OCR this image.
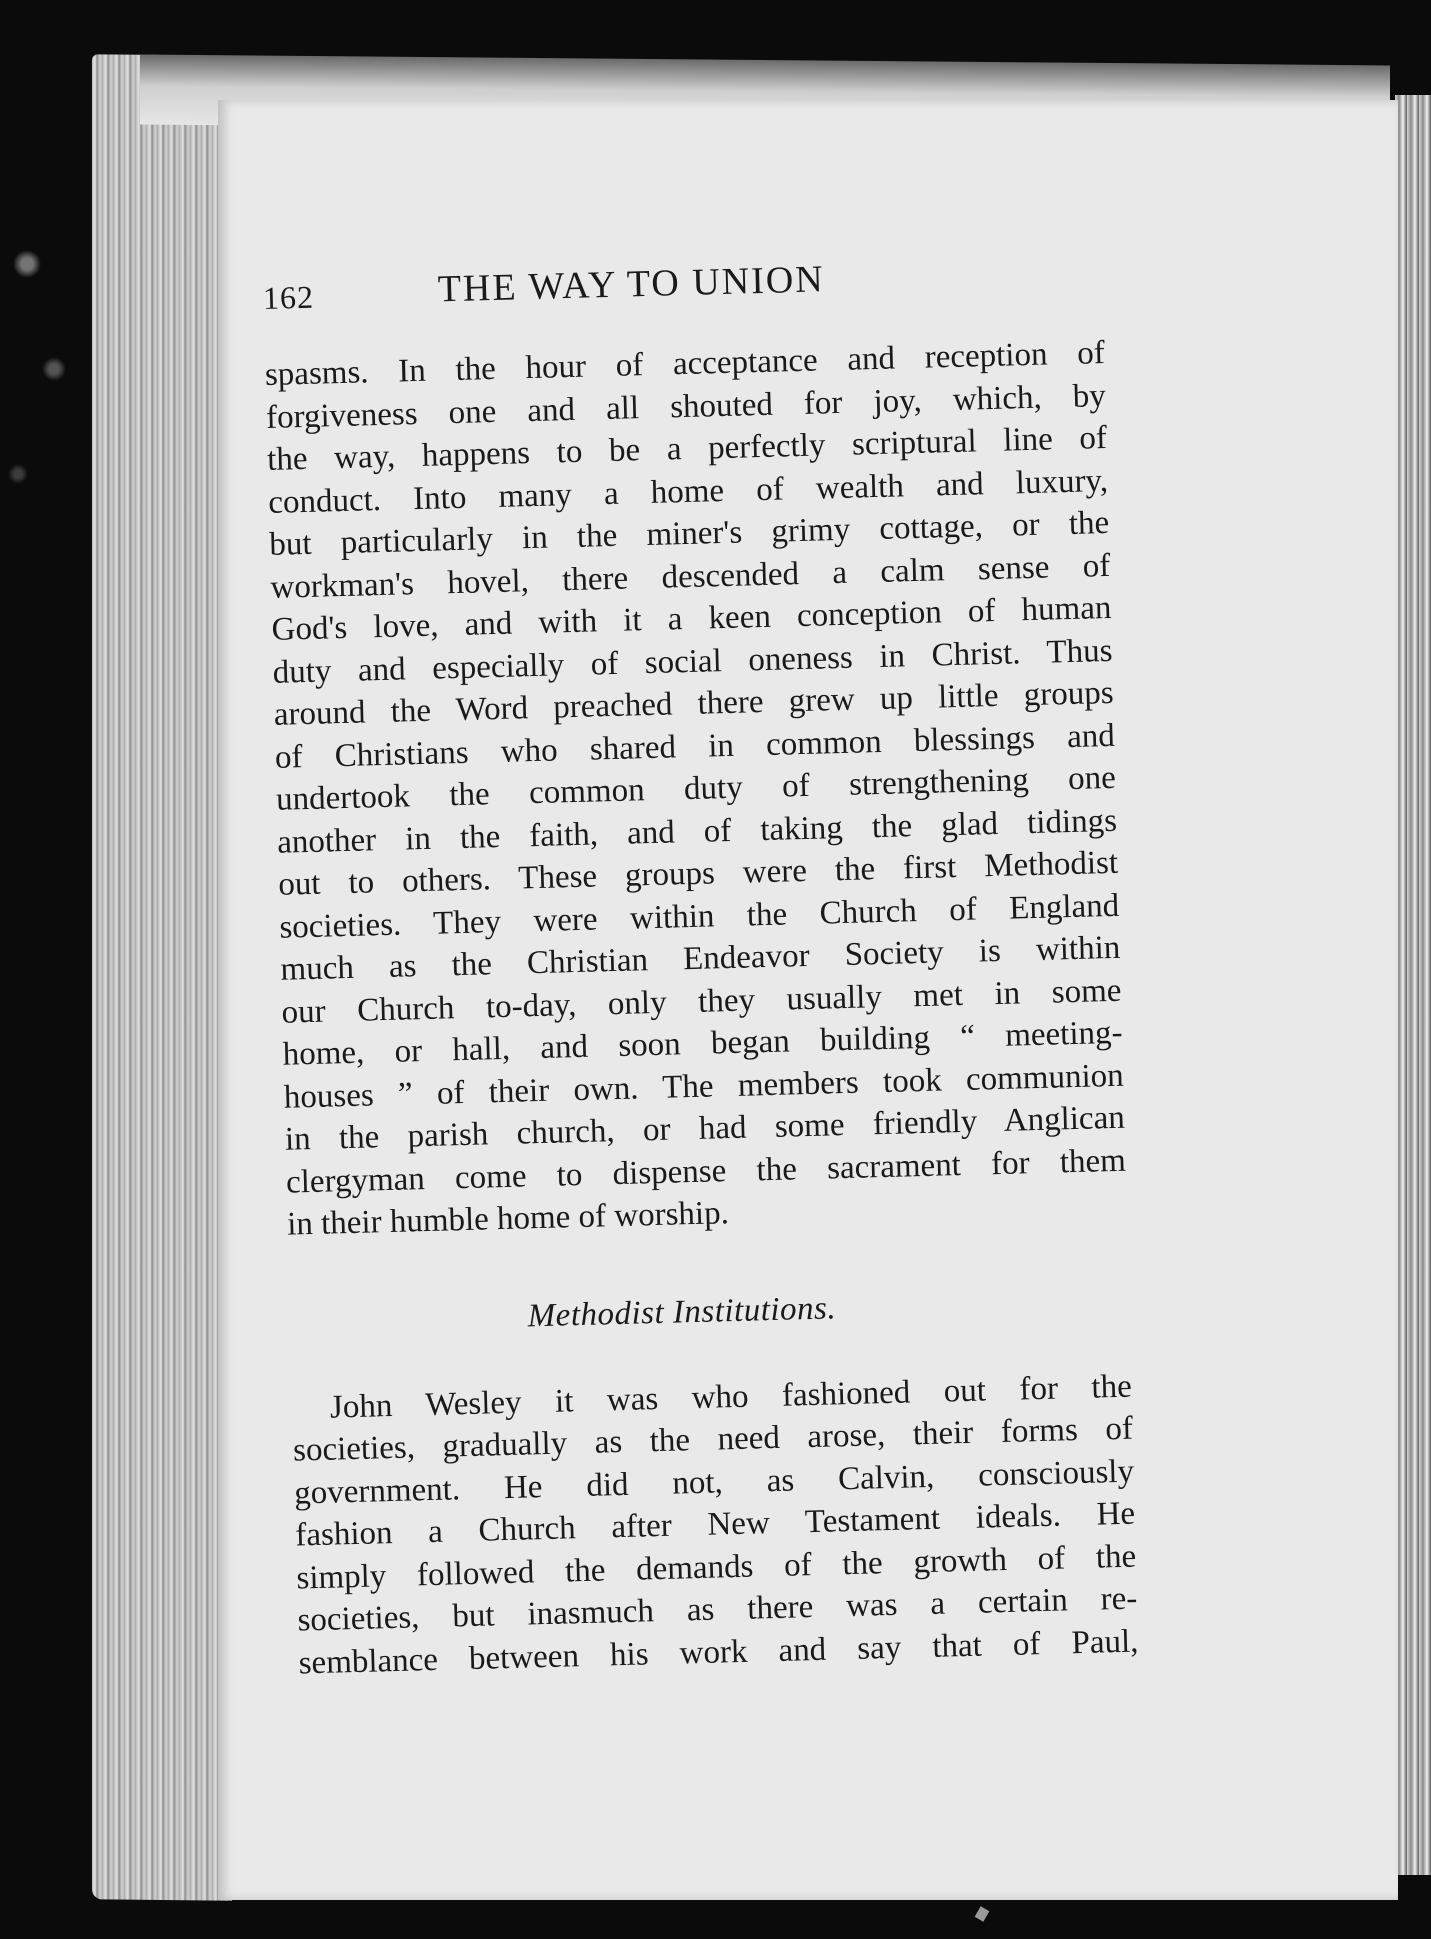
162	THE WAY TO UNION
spasms. In the hour of acceptance and reception of
forgiveness one and all shouted for joy, which, by
the way, happens to be a perfectly scriptural line of
conduct. Into many a home of wealth and luxury,
but particularly in the miner's grimy cottage, or the
workman's hovel, there descended a calm sense of
God's love, and with it a keen conception of human
duty and especially of social oneness in Christ. Thus
around the Word preached there grew up little groups
of Christians who shared in common blessings and
undertook the common duty of strengthening one
another in the faith, and of taking the glad tidings
out to others. These groups were the first Methodist
societies. They were within the Church of England
much as the Christian Endeavor Society is within
our Church to-day, only they usually met in some
home, or hall, and soon began building “ meeting-
houses ” of their own. The members took communion
in the parish church, or had some friendly Anglican
clergyman come to dispense the sacrament for them
in their humble home of worship.
Methodist Institutions.
John Wesley it was who fashioned out for the
societies, gradually as the need arose, their forms of
government. He did not, as Calvin, consciously
fashion a Church after New Testament ideals. He
simply followed the demands of the growth of the
societies, but inasmuch as there was a certain re-
semblance between his work and say that of Paul,
